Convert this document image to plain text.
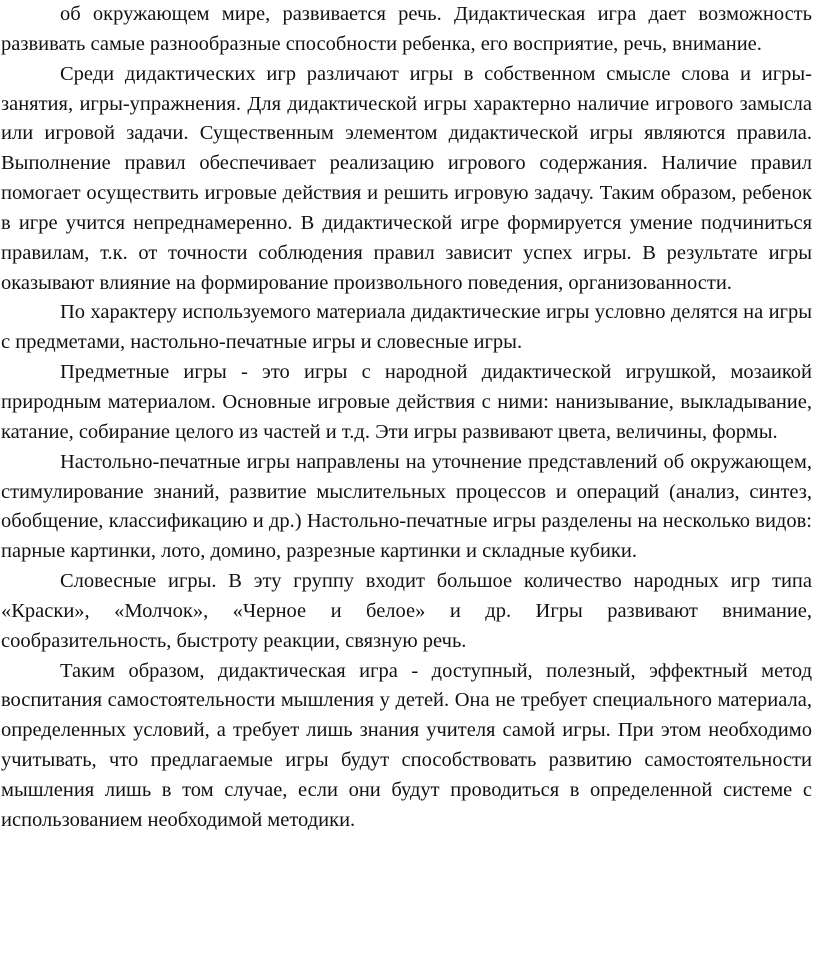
об окружающем мире, развивается речь. Дидактическая игра дает возможность развивать самые разнообразные способности ребенка, его восприятие, речь, внимание.

Среди дидактических игр различают игры в собственном смысле слова и игры-занятия, игры-упражнения. Для дидактической игры характерно наличие игрового замысла или игровой задачи. Существенным элементом дидактической игры являются правила. Выполнение правил обеспечивает реализацию игрового содержания. Наличие правил помогает осуществить игровые действия и решить игровую задачу. Таким образом, ребенок в игре учится непреднамеренно. В дидактической игре формируется умение подчиниться правилам, т.к. от точности соблюдения правил зависит успех игры. В результате игры оказывают влияние на формирование произвольного поведения, организованности.

По характеру используемого материала дидактические игры условно делятся на игры с предметами, настольно-печатные игры и словесные игры.

Предметные игры - это игры с народной дидактической игрушкой, мозаикой природным материалом. Основные игровые действия с ними: нанизывание, выкладывание, катание, собирание целого из частей и т.д. Эти игры развивают цвета, величины, формы.

Настольно-печатные игры направлены на уточнение представлений об окружающем, стимулирование знаний, развитие мыслительных процессов и операций (анализ, синтез, обобщение, классификацию и др.) Настольно-печатные игры разделены на несколько видов: парные картинки, лото, домино, разрезные картинки и складные кубики.

Словесные игры. В эту группу входит большое количество народных игр типа «Краски», «Молчок», «Черное и белое» и др. Игры развивают внимание, сообразительность, быстроту реакции, связную речь.

Таким образом, дидактическая игра - доступный, полезный, эффектный метод воспитания самостоятельности мышления у детей. Она не требует специального материала, определенных условий, а требует лишь знания учителя самой игры. При этом необходимо учитывать, что предлагаемые игры будут способствовать развитию самостоятельности мышления лишь в том случае, если они будут проводиться в определенной системе с использованием необходимой методики.
